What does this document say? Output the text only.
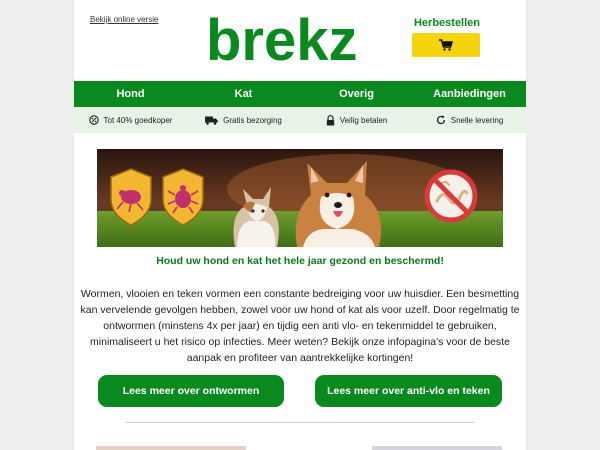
Bekijk online versie brekz	Herbestellen
Hond	Kat	Overig	Aanbiedingen
Tot 40% goedkoper	Gratis bezorging	Veilig betalen	Snelle levering
Houd uw hond en kat het hele jaar gezond en beschermd!

Wormen, vlooien en teken vormen een constante bedreiging voor uw huisdier. Een besmetting kan vervelende gevolgen hebben, zowel voor uw hond of kat als voor uzelf. Door regelmatig te ontwormen (minstens 4x per jaar) en tijdig een anti vlo- en tekenmiddel te gebruiken, minimaliseert u het risico op infecties. Meer weten? Bekijk onze infopagina's voor de beste aanpak en profiteer van aantrekkelijke kortingen!

Lees meer over ontwormen	Lees meer over anti-vlo en teken
